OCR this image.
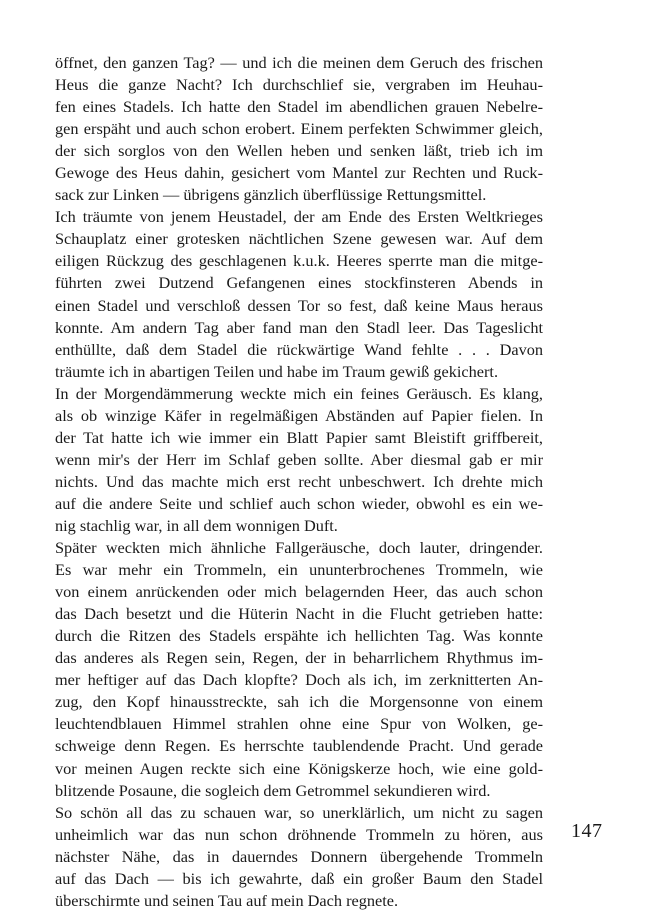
öffnet, den ganzen Tag? — und ich die meinen dem Geruch des frischen
Heus die ganze Nacht? Ich durchschlief sie, vergraben im Heuhau-
fen eines Stadels. Ich hatte den Stadel im abendlichen grauen Nebelre-
gen erspäht und auch schon erobert. Einem perfekten Schwimmer gleich,
der sich sorglos von den Wellen heben und senken läßt, trieb ich im
Gewoge des Heus dahin, gesichert vom Mantel zur Rechten und Ruck-
sack zur Linken — übrigens gänzlich überflüssige Rettungsmittel.
Ich träumte von jenem Heustadel, der am Ende des Ersten Weltkrieges
Schauplatz einer grotesken nächtlichen Szene gewesen war. Auf dem
eiligen Rückzug des geschlagenen k.u.k. Heeres sperrte man die mitge-
führten zwei Dutzend Gefangenen eines stockfinsteren Abends in
einen Stadel und verschloß dessen Tor so fest, daß keine Maus heraus
konnte. Am andern Tag aber fand man den Stadl leer. Das Tageslicht
enthüllte, daß dem Stadel die rückwärtige Wand fehlte . . . Davon
träumte ich in abartigen Teilen und habe im Traum gewiß gekichert.
In der Morgendämmerung weckte mich ein feines Geräusch. Es klang,
als ob winzige Käfer in regelmäßigen Abständen auf Papier fielen. In
der Tat hatte ich wie immer ein Blatt Papier samt Bleistift griffbereit,
wenn mir's der Herr im Schlaf geben sollte. Aber diesmal gab er mir
nichts. Und das machte mich erst recht unbeschwert. Ich drehte mich
auf die andere Seite und schlief auch schon wieder, obwohl es ein we-
nig stachlig war, in all dem wonnigen Duft.
Später weckten mich ähnliche Fallgeräusche, doch lauter, dringender.
Es war mehr ein Trommeln, ein ununterbrochenes Trommeln, wie
von einem anrückenden oder mich belagernden Heer, das auch schon
das Dach besetzt und die Hüterin Nacht in die Flucht getrieben hatte:
durch die Ritzen des Stadels erspähte ich hellichten Tag. Was konnte
das anderes als Regen sein, Regen, der in beharrlichem Rhythmus im-
mer heftiger auf das Dach klopfte? Doch als ich, im zerknitterten An-
zug, den Kopf hinausstreckte, sah ich die Morgensonne von einem
leuchtendblauen Himmel strahlen ohne eine Spur von Wolken, ge-
schweige denn Regen. Es herrschte taublendende Pracht. Und gerade
vor meinen Augen reckte sich eine Königskerze hoch, wie eine gold-
blitzende Posaune, die sogleich dem Getrommel sekundieren wird.
So schön all das zu schauen war, so unerklärlich, um nicht zu sagen
unheimlich war das nun schon dröhnende Trommeln zu hören, aus
nächster Nähe, das in dauerndes Donnern übergehende Trommeln
auf das Dach — bis ich gewahrte, daß ein großer Baum den Stadel
überschirmte und seinen Tau auf mein Dach regnete.
147
